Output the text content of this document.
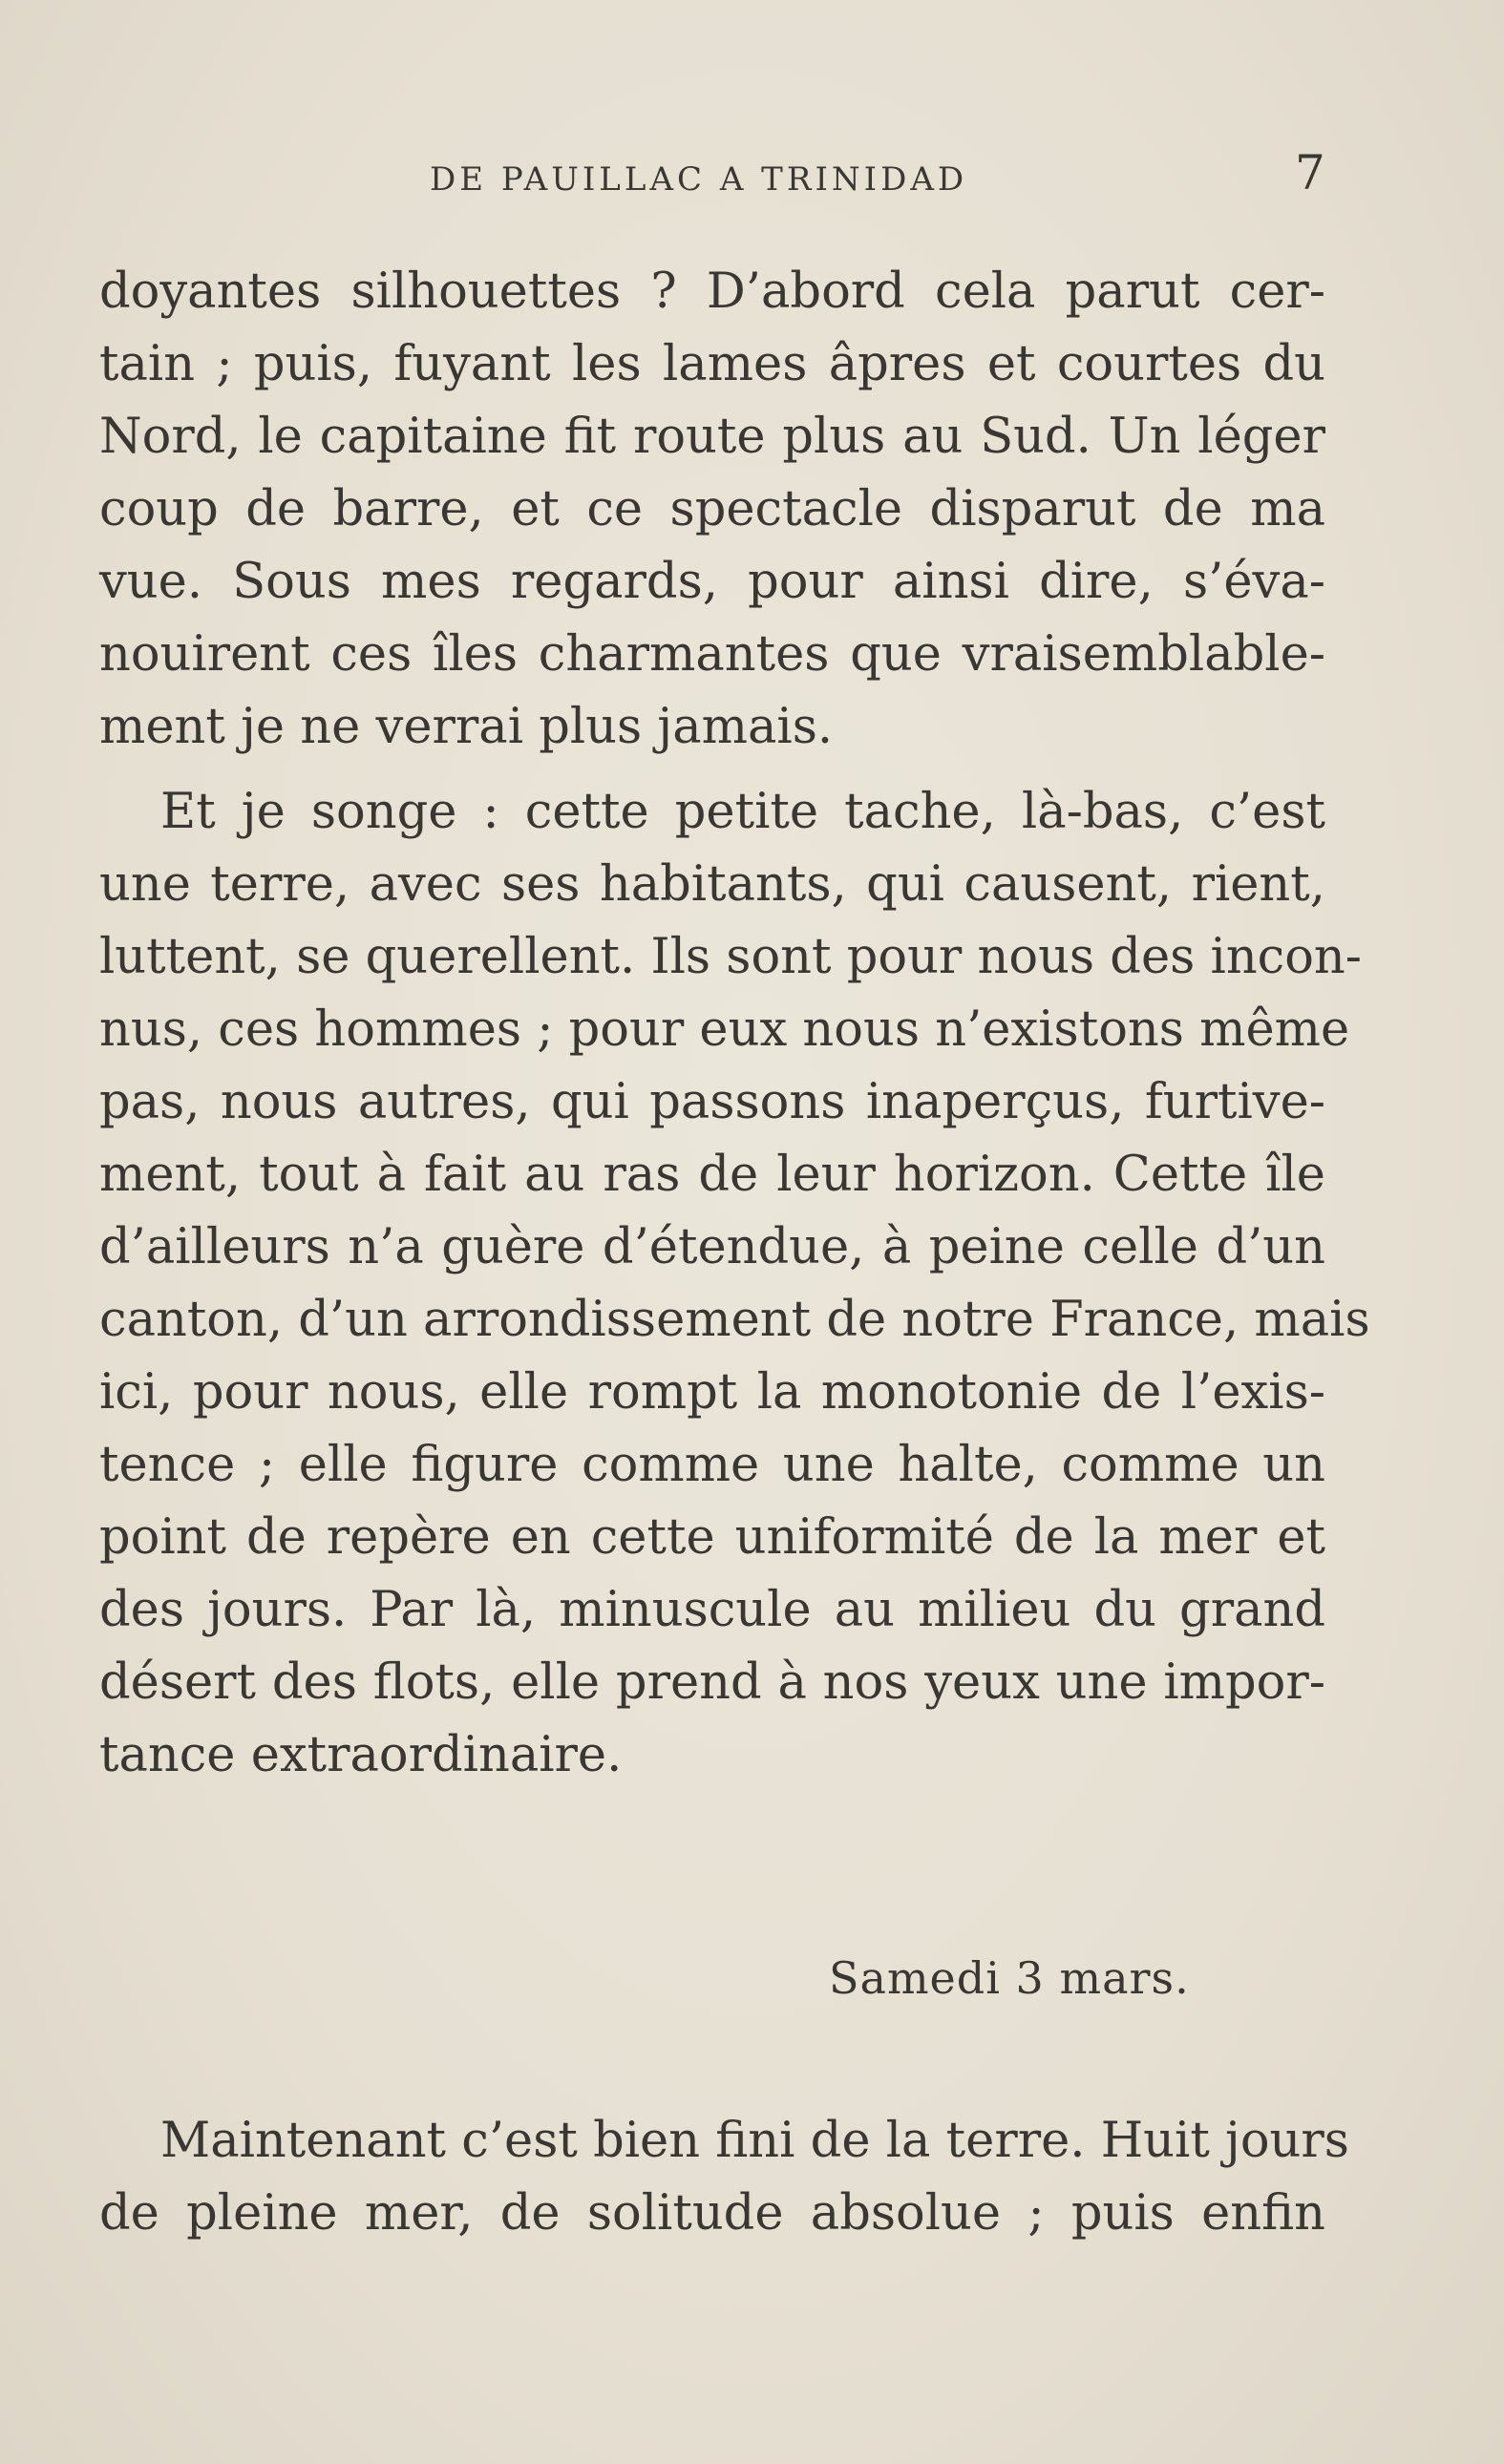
DE PAUILLAC A TRINIDAD	7
doyantes silhouettes ? D’abord cela parut cer-
tain ; puis, fuyant les lames âpres et courtes du
Nord, le capitaine fit route plus au Sud. Un léger
coup de barre, et ce spectacle disparut de ma
vue. Sous mes regards, pour ainsi dire, s’éva-
nouirent ces îles charmantes que vraisemblable-
ment je ne verrai plus jamais.
Et je songe : cette petite tache, là-bas, c’est
une terre, avec ses habitants, qui causent, rient,
luttent, se querellent. Ils sont pour nous des incon-
nus, ces hommes ; pour eux nous n’existons même
pas, nous autres, qui passons inaperçus, furtive-
ment, tout à fait au ras de leur horizon. Cette île
d’ailleurs n’a guère d’étendue, à peine celle d’un
canton, d’un arrondissement de notre France, mais
ici, pour nous, elle rompt la monotonie de l’exis-
tence ; elle figure comme une halte, comme un
point de repère en cette uniformité de la mer et
des jours. Par là, minuscule au milieu du grand
désert des flots, elle prend à nos yeux une impor-
tance extraordinaire.
Samedi 3 mars.
Maintenant c’est bien fini de la terre. Huit jours
de pleine mer, de solitude absolue ; puis enfin
